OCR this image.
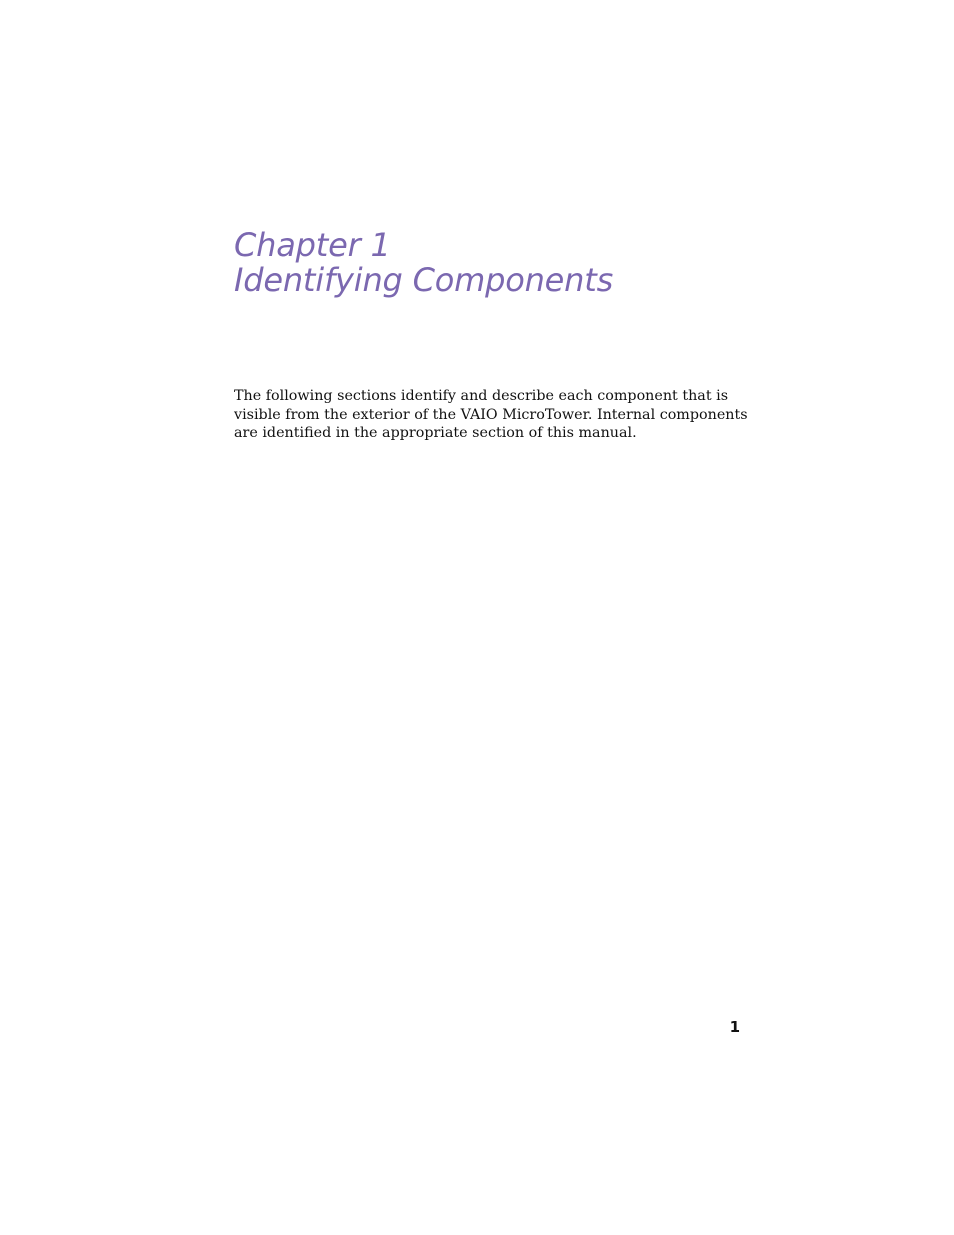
Chapter 1
Identifying Components

The following sections identify and describe each component that is
visible from the exterior of the VAIO MicroTower. Internal components
are identified in the appropriate section of this manual.

1
